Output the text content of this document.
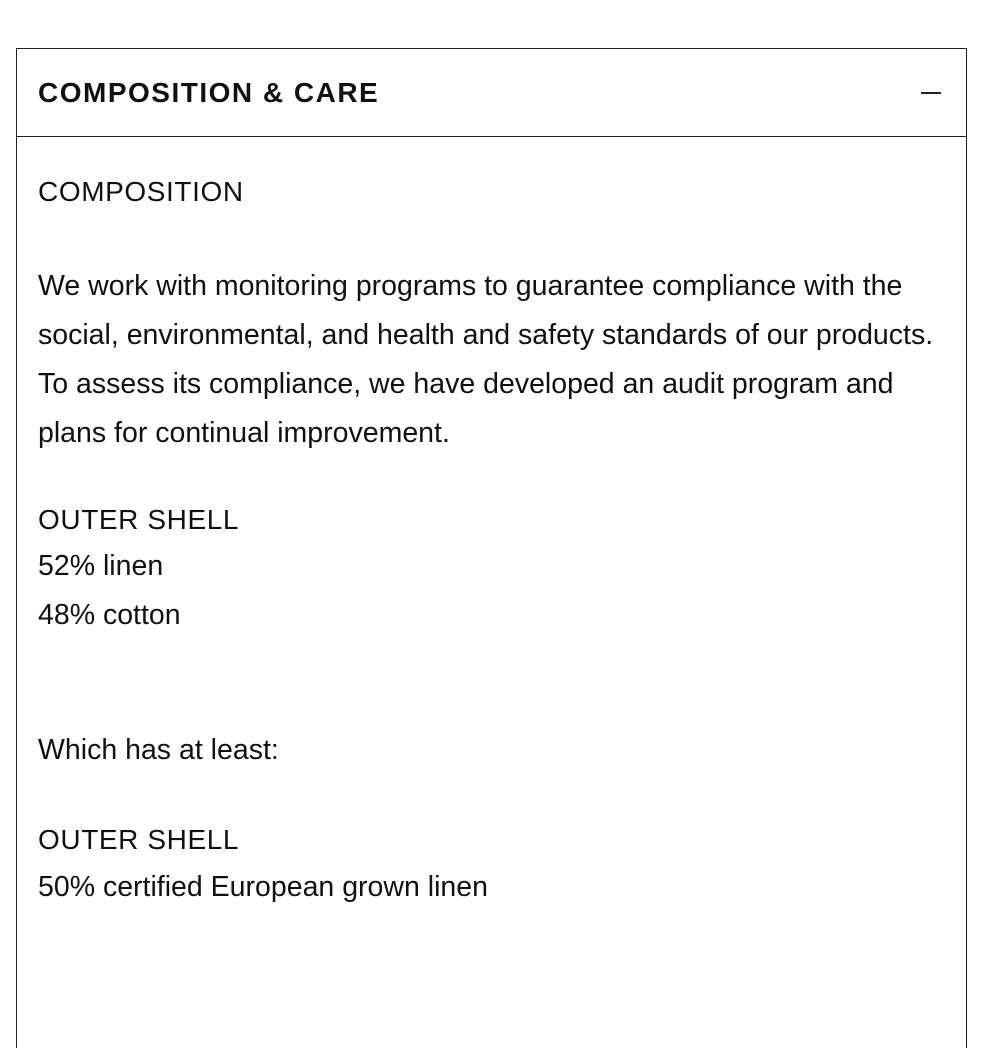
COMPOSITION & CARE
COMPOSITION

We work with monitoring programs to guarantee compliance with the social, environmental, and health and safety standards of our products. To assess its compliance, we have developed an audit program and plans for continual improvement.

OUTER SHELL
52% linen
48% cotton
Which has at least:
OUTER SHELL
50% certified European grown linen
